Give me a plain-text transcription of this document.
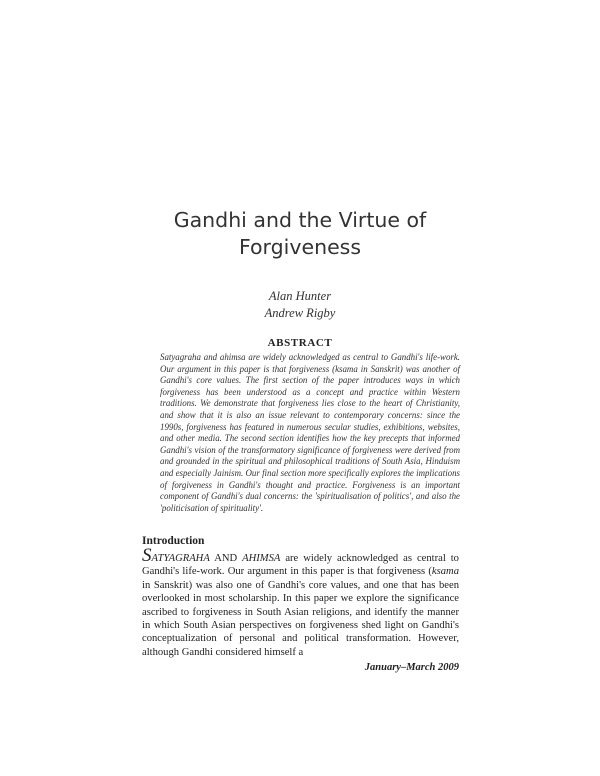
Gandhi and the Virtue of
Forgiveness
Alan Hunter
Andrew Rigby
ABSTRACT

Satyagraha and ahimsa are widely acknowledged as central to Gandhi's life-work. Our argument in this paper is that forgiveness (ksama in Sanskrit) was another of Gandhi's core values. The first section of the paper introduces ways in which forgiveness has been understood as a concept and practice within Western traditions. We demonstrate that forgiveness lies close to the heart of Christianity, and show that it is also an issue relevant to contemporary concerns: since the 1990s, forgiveness has featured in numerous secular studies, exhibitions, websites, and other media. The second section identifies how the key precepts that informed Gandhi's vision of the transformatory significance of forgiveness were derived from and grounded in the spiritual and philosophical traditions of South Asia, Hinduism and especially Jainism. Our final section more specifically explores the implications of forgiveness in Gandhi's thought and practice. Forgiveness is an important component of Gandhi's dual concerns: the 'spiritualisation of politics', and also the 'politicisation of spirituality'.

Introduction

SATYAGRAHA AND AHIMSA are widely acknowledged as central to Gandhi's life-work. Our argument in this paper is that forgiveness (ksama in Sanskrit) was also one of Gandhi's core values, and one that has been overlooked in most scholarship. In this paper we explore the significance ascribed to forgiveness in South Asian religions, and identify the manner in which South Asian perspectives on forgiveness shed light on Gandhi's conceptualization of personal and political transformation. However, although Gandhi considered himself a

January–March 2009
